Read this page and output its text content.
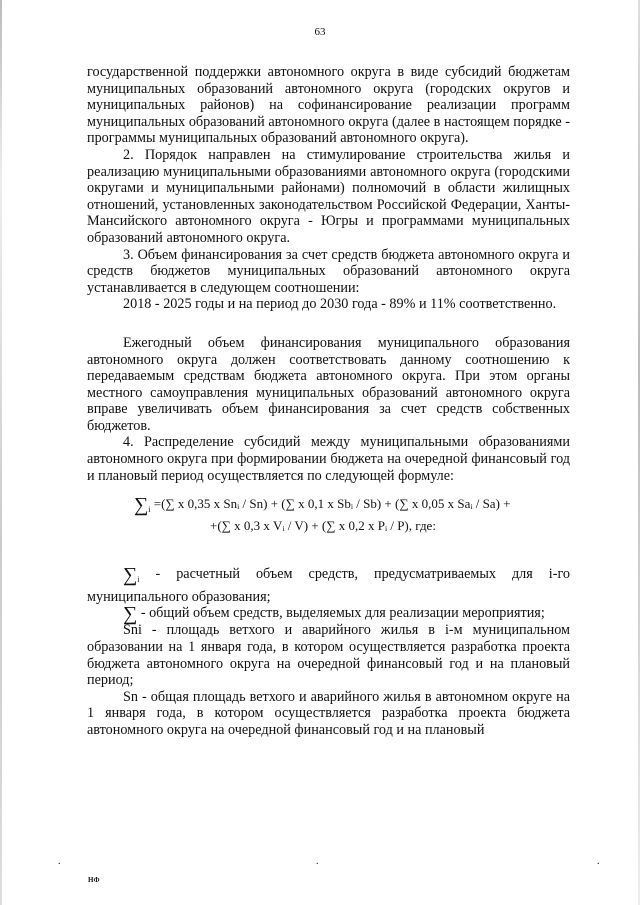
63

государственной поддержки автономного округа в виде субсидий бюджетам муниципальных образований автономного округа (городских округов и муниципальных районов) на софинансирование реализации программ муниципальных образований автономного округа (далее в настоящем порядке - программы муниципальных образований автономного округа).

2. Порядок направлен на стимулирование строительства жилья и реализацию муниципальными образованиями автономного округа (городскими округами и муниципальными районами) полномочий в области жилищных отношений, установленных законодательством Российской Федерации, Ханты-Мансийского автономного округа - Югры и программами муниципальных образований автономного округа.

3. Объем финансирования за счет средств бюджета автономного округа и средств бюджетов муниципальных образований автономного округа устанавливается в следующем соотношении:

2018 - 2025 годы и на период до 2030 года - 89% и 11% соответственно.

Ежегодный объем финансирования муниципального образования автономного округа должен соответствовать данному соотношению к передаваемым средствам бюджета автономного округа. При этом органы местного самоуправления муниципальных образований автономного округа вправе увеличивать объем финансирования за счет средств собственных бюджетов.

4. Распределение субсидий между муниципальными образованиями автономного округа при формировании бюджета на очередной финансовый год и плановый период осуществляется по следующей формуле:

$\sum_i$ =(∑ x 0,35 x Snᵢ / Sn) + (∑ x 0,1 x Sbᵢ / Sb) + (∑ x 0,05 x Saᵢ / Sa) +
+(∑ x 0,3 x Vᵢ / V) + (∑ x 0,2 x Pᵢ / P), где:

$\sum_i$ - расчетный объем средств, предусматриваемых для i-го муниципального образования;

∑ - общий объем средств, выделяемых для реализации мероприятия;

Sni - площадь ветхого и аварийного жилья в i-м муниципальном образовании на 1 января года, в котором осуществляется разработка проекта бюджета автономного округа на очередной финансовый год и на плановый период;

Sn - общая площадь ветхого и аварийного жилья в автономном округе на 1 января года, в котором осуществляется разработка проекта бюджета автономного округа на очередной финансовый год и на плановый

.	.	.
НФ
